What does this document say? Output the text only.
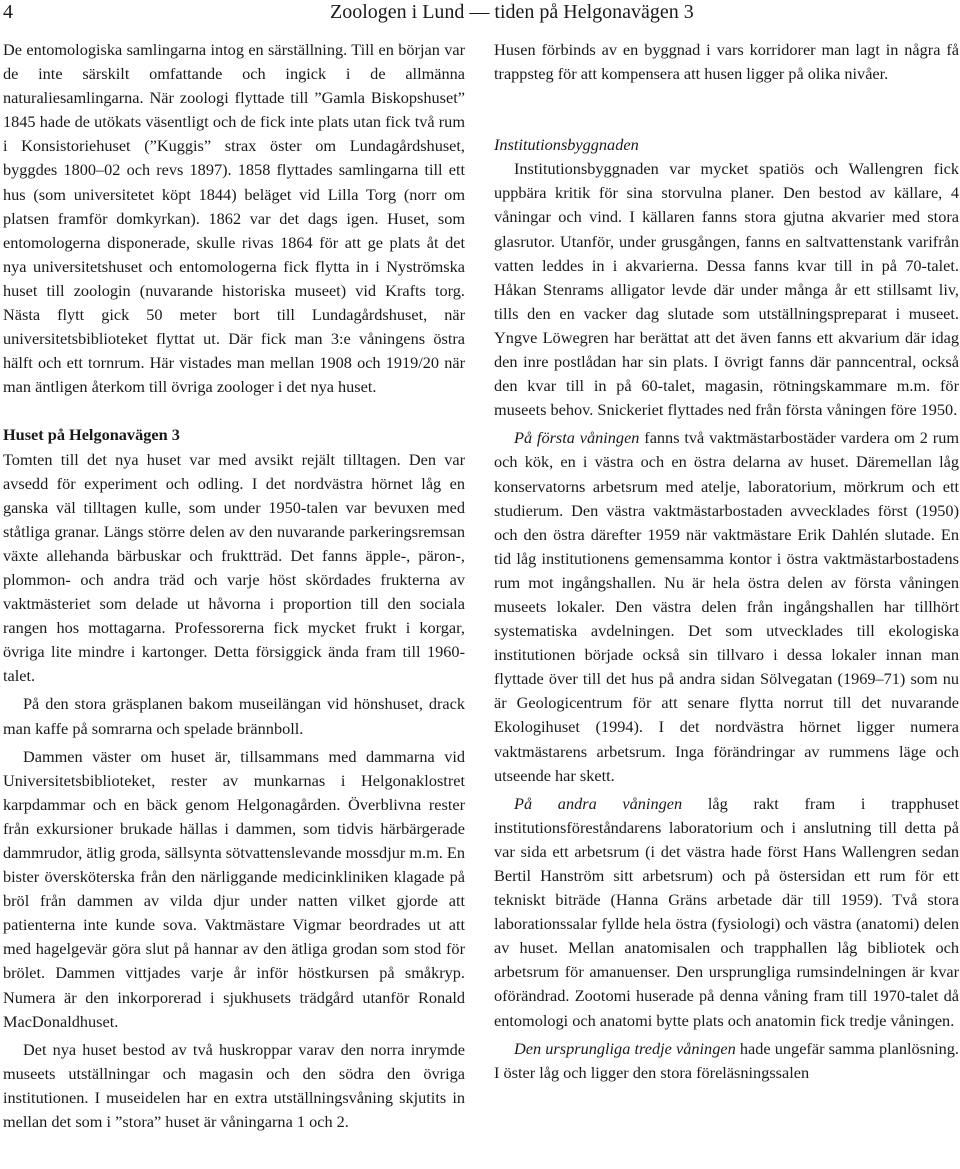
4	Zoologen i Lund — tiden på Helgonavägen 3

De entomologiska samlingarna intog en särställning. Till en början var de inte särskilt omfattande och ingick i de allmänna naturaliesamlingarna. När zoologi flyttade till ”Gamla Biskopshuset” 1845 hade de utökats väsentligt och de fick inte plats utan fick två rum i Konsistoriehuset (”Kuggis” strax öster om Lundagårdshuset, byggdes 1800–02 och revs 1897). 1858 flyttades samlingarna till ett hus (som universitetet köpt 1844) beläget vid Lilla Torg (norr om platsen framför domkyrkan). 1862 var det dags igen. Huset, som entomologerna disponerade, skulle rivas 1864 för att ge plats åt det nya universitetshuset och entomologerna fick flytta in i Nyströmska huset till zoologin (nuvarande historiska museet) vid Krafts torg. Nästa flytt gick 50 meter bort till Lundagårdshuset, när universitetsbiblioteket flyttat ut. Där fick man 3:e våningens östra hälft och ett tornrum. Här vistades man mellan 1908 och 1919/20 när man äntligen återkom till övriga zoologer i det nya huset.

Huset på Helgonavägen 3

Tomten till det nya huset var med avsikt rejält tilltagen. Den var avsedd för experiment och odling. I det nordvästra hörnet låg en ganska väl tilltagen kulle, som under 1950-talen var bevuxen med ståtliga granar. Längs större delen av den nuvarande parkeringsremsan växte allehanda bärbuskar och fruktträd. Det fanns äpple-, päron-, plommon- och andra träd och varje höst skördades frukterna av vaktmästeriet som delade ut håvorna i proportion till den sociala rangen hos mottagarna. Professorerna fick mycket frukt i korgar, övriga lite mindre i kartonger. Detta försiggick ända fram till 1960-talet.

På den stora gräsplanen bakom museilängan vid hönshuset, drack man kaffe på somrarna och spelade brännboll.

Dammen väster om huset är, tillsammans med dammarna vid Universitetsbiblioteket, rester av munkarnas i Helgonaklostret karpdammar och en bäck genom Helgonagården. Överblivna rester från exkursioner brukade hällas i dammen, som tidvis härbärgerade dammrudor, ätlig groda, sällsynta sötvattenslevande mossdjur m.m. En bister översköterska från den närliggande medicinkliniken klagade på bröl från dammen av vilda djur under natten vilket gjorde att patienterna inte kunde sova. Vaktmästare Vigmar beordrades ut att med hagelgevär göra slut på hannar av den ätliga grodan som stod för brölet. Dammen vittjades varje år inför höstkursen på småkryp. Numera är den inkorporerad i sjukhusets trädgård utanför Ronald MacDonaldhuset.

Det nya huset bestod av två huskroppar varav den norra inrymde museets utställningar och magasin och den södra den övriga institutionen. I museidelen har en extra utställningsvåning skjutits in mellan det som i ”stora” huset är våningarna 1 och 2.

Husen förbinds av en byggnad i vars korridorer man lagt in några få trappsteg för att kompensera att husen ligger på olika nivåer.

Institutionsbyggnaden

Institutionsbyggnaden var mycket spatiös och Wallengren fick uppbära kritik för sina storvulna planer. Den bestod av källare, 4 våningar och vind. I källaren fanns stora gjutna akvarier med stora glasrutor. Utanför, under grusgången, fanns en saltvattenstank varifrån vatten leddes in i akvarierna. Dessa fanns kvar till in på 70-talet. Håkan Stenrams alligator levde där under många år ett stillsamt liv, tills den en vacker dag slutade som utställningspreparat i museet. Yngve Löwegren har berättat att det även fanns ett akvarium där idag den inre postlådan har sin plats. I övrigt fanns där panncentral, också den kvar till in på 60-talet, magasin, rötningskammare m.m. för museets behov. Snickeriet flyttades ned från första våningen före 1950.

På första våningen fanns två vaktmästarbostäder vardera om 2 rum och kök, en i västra och en östra delarna av huset. Däremellan låg konservatorns arbetsrum med atelje, laboratorium, mörkrum och ett studierum. Den västra vaktmästarbostaden avvecklades först (1950) och den östra därefter 1959 när vaktmästare Erik Dahlén slutade. En tid låg institutionens gemensamma kontor i östra vaktmästarbostadens rum mot ingångshallen. Nu är hela östra delen av första våningen museets lokaler. Den västra delen från ingångshallen har tillhört systematiska avdelningen. Det som utvecklades till ekologiska institutionen började också sin tillvaro i dessa lokaler innan man flyttade över till det hus på andra sidan Sölvegatan (1969–71) som nu är Geologicentrum för att senare flytta norrut till det nuvarande Ekologihuset (1994). I det nordvästra hörnet ligger numera vaktmästarens arbetsrum. Inga förändringar av rummens läge och utseende har skett.

På andra våningen låg rakt fram i trapphuset institutionsföreståndarens laboratorium och i anslutning till detta på var sida ett arbetsrum (i det västra hade först Hans Wallengren sedan Bertil Hanström sitt arbetsrum) och på östersidan ett rum för ett tekniskt biträde (Hanna Gräns arbetade där till 1959). Två stora laborationssalar fyllde hela östra (fysiologi) och västra (anatomi) delen av huset. Mellan anatomisalen och trapphallen låg bibliotek och arbetsrum för amanuenser. Den ursprungliga rumsindelningen är kvar oförändrad. Zootomi huserade på denna våning fram till 1970-talet då entomologi och anatomi bytte plats och anatomin fick tredje våningen.

Den ursprungliga tredje våningen hade ungefär samma planlösning. I öster låg och ligger den stora föreläsningssalen
